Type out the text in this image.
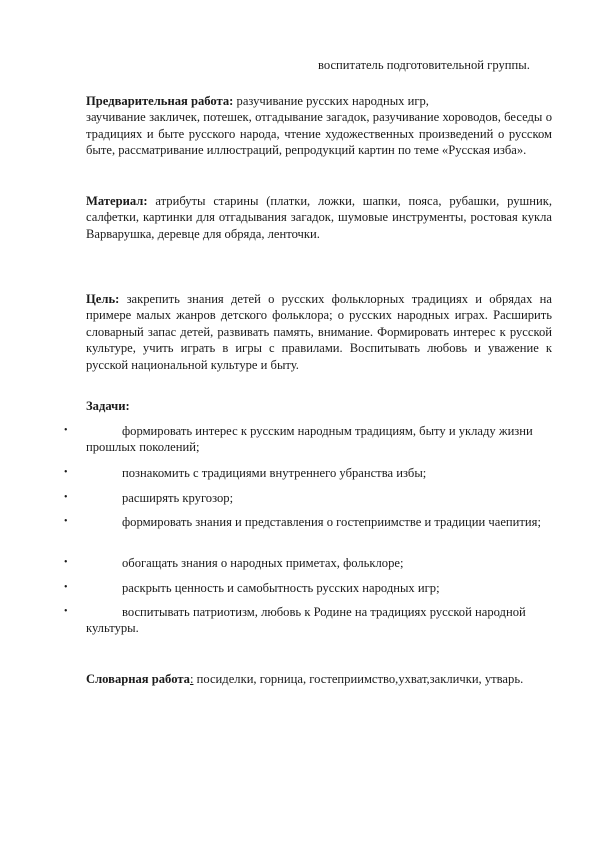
воспитатель подготовительной группы.
Предварительная работа: разучивание русских народных игр,
заучивание закличек, потешек, отгадывание загадок, разучивание хороводов, беседы о традициях и быте русского народа, чтение художественных произведений о русском быте, рассматривание иллюстраций, репродукций картин по теме «Русская изба».
Материал: атрибуты старины (платки, ложки, шапки, пояса, рубашки, рушник, салфетки, картинки для отгадывания загадок, шумовые инструменты, ростовая кукла Варварушка, деревце для обряда, ленточки.
Цель: закрепить знания детей о русских фольклорных традициях и обрядах на примере малых жанров детского фольклора; о русских народных играх. Расширить словарный запас детей, развивать память, внимание. Формировать интерес к русской культуре, учить играть в игры с правилами. Воспитывать любовь и уважение к русской национальной культуре и быту.
Задачи:
•	формировать интерес к русским народным традициям, быту и укладу жизни прошлых поколений;
•	познакомить с традициями внутреннего убранства избы;
•	расширять кругозор;
•	формировать знания и представления о гостеприимстве и традиции чаепития;
•	обогащать знания о народных приметах, фольклоре;
•	раскрыть ценность и самобытность русских народных игр;
•	воспитывать патриотизм, любовь к Родине на традициях русской народной культуры.
Словарная работа: посиделки, горница, гостеприимство,ухват,заклички, утварь.
